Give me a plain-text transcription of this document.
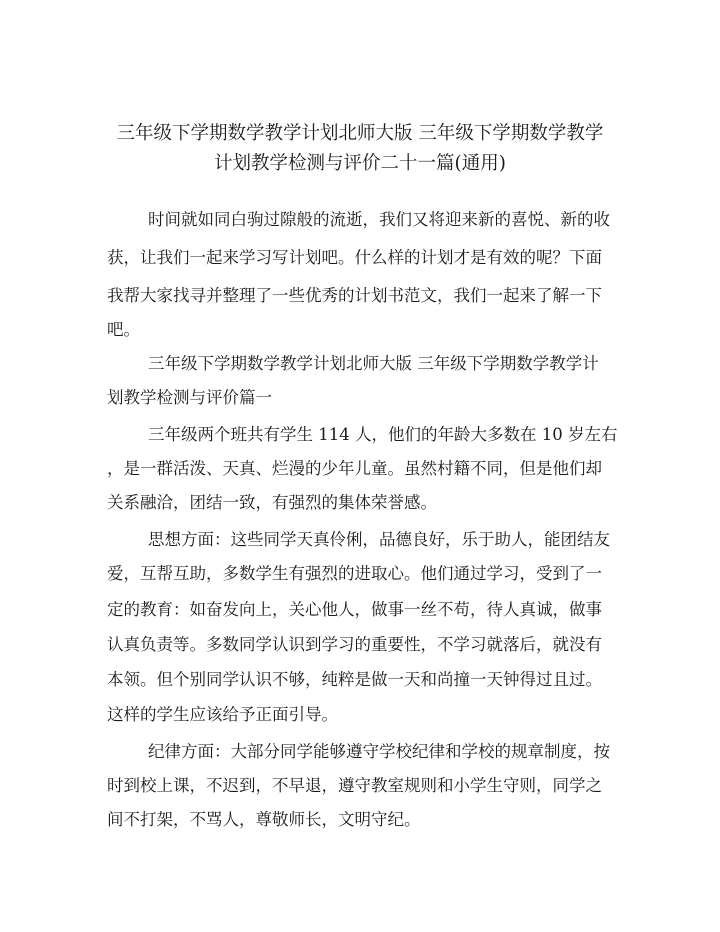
三年级下学期数学教学计划北师大版 三年级下学期数学教学
计划教学检测与评价二十一篇(通用)
时间就如同白驹过隙般的流逝，我们又将迎来新的喜悦、新的收
获，让我们一起来学习写计划吧。什么样的计划才是有效的呢？下面
我帮大家找寻并整理了一些优秀的计划书范文，我们一起来了解一下
吧。
三年级下学期数学教学计划北师大版 三年级下学期数学教学计
划教学检测与评价篇一
三年级两个班共有学生 114 人，他们的年龄大多数在 10 岁左右
，是一群活泼、天真、烂漫的少年儿童。虽然村籍不同，但是他们却
关系融洽，团结一致，有强烈的集体荣誉感。
思想方面：这些同学天真伶俐，品德良好，乐于助人，能团结友
爱，互帮互助，多数学生有强烈的进取心。他们通过学习，受到了一
定的教育：如奋发向上，关心他人，做事一丝不苟，待人真诚，做事
认真负责等。多数同学认识到学习的重要性，不学习就落后，就没有
本领。但个别同学认识不够，纯粹是做一天和尚撞一天钟得过且过。
这样的学生应该给予正面引导。
纪律方面：大部分同学能够遵守学校纪律和学校的规章制度，按
时到校上课，不迟到，不早退，遵守教室规则和小学生守则，同学之
间不打架，不骂人，尊敬师长，文明守纪。
